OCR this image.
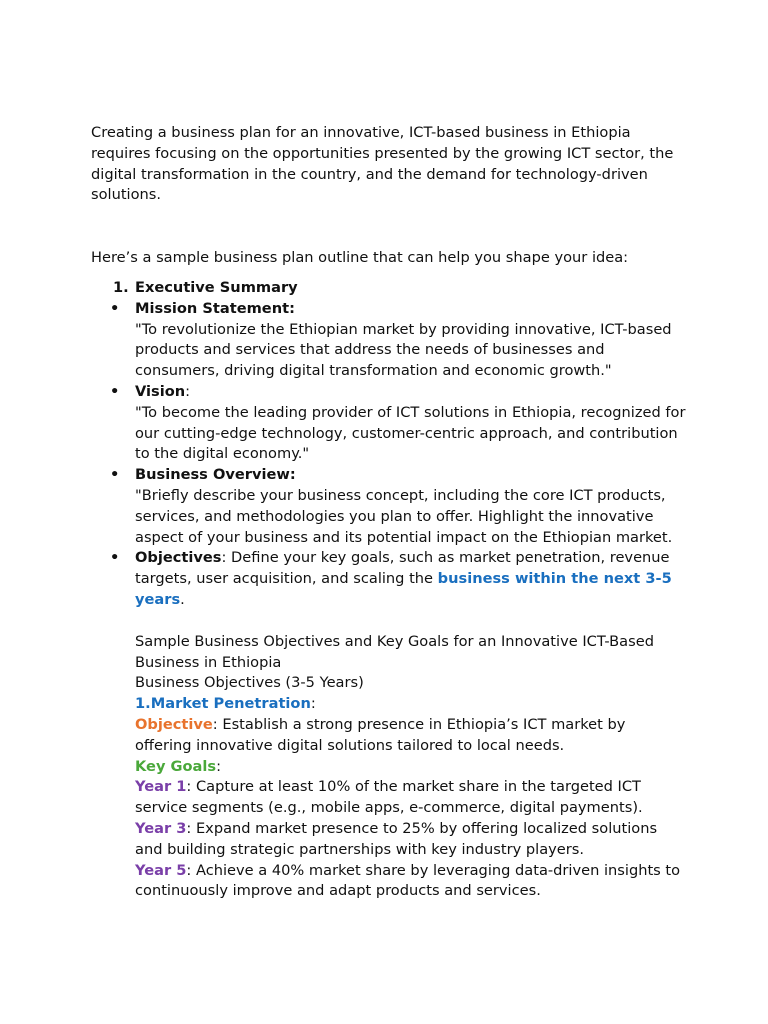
Creating a business plan for an innovative, ICT-based business in Ethiopia requires focusing on the opportunities presented by the growing ICT sector, the digital transformation in the country, and the demand for technology-driven solutions.

Here’s a sample business plan outline that can help you shape your idea:

1. Executive Summary
• Mission Statement:
"To revolutionize the Ethiopian market by providing innovative, ICT-based products and services that address the needs of businesses and consumers, driving digital transformation and economic growth."
• Vision:
"To become the leading provider of ICT solutions in Ethiopia, recognized for our cutting-edge technology, customer-centric approach, and contribution to the digital economy."
• Business Overview:
"Briefly describe your business concept, including the core ICT products, services, and methodologies you plan to offer. Highlight the innovative aspect of your business and its potential impact on the Ethiopian market.
• Objectives: Define your key goals, such as market penetration, revenue targets, user acquisition, and scaling the business within the next 3-5 years.
Sample Business Objectives and Key Goals for an Innovative ICT-Based Business in Ethiopia
Business Objectives (3-5 Years)
1.Market Penetration:
Objective: Establish a strong presence in Ethiopia’s ICT market by offering innovative digital solutions tailored to local needs.
Key Goals:
Year 1: Capture at least 10% of the market share in the targeted ICT service segments (e.g., mobile apps, e-commerce, digital payments).
Year 3: Expand market presence to 25% by offering localized solutions and building strategic partnerships with key industry players.
Year 5: Achieve a 40% market share by leveraging data-driven insights to continuously improve and adapt products and services.
